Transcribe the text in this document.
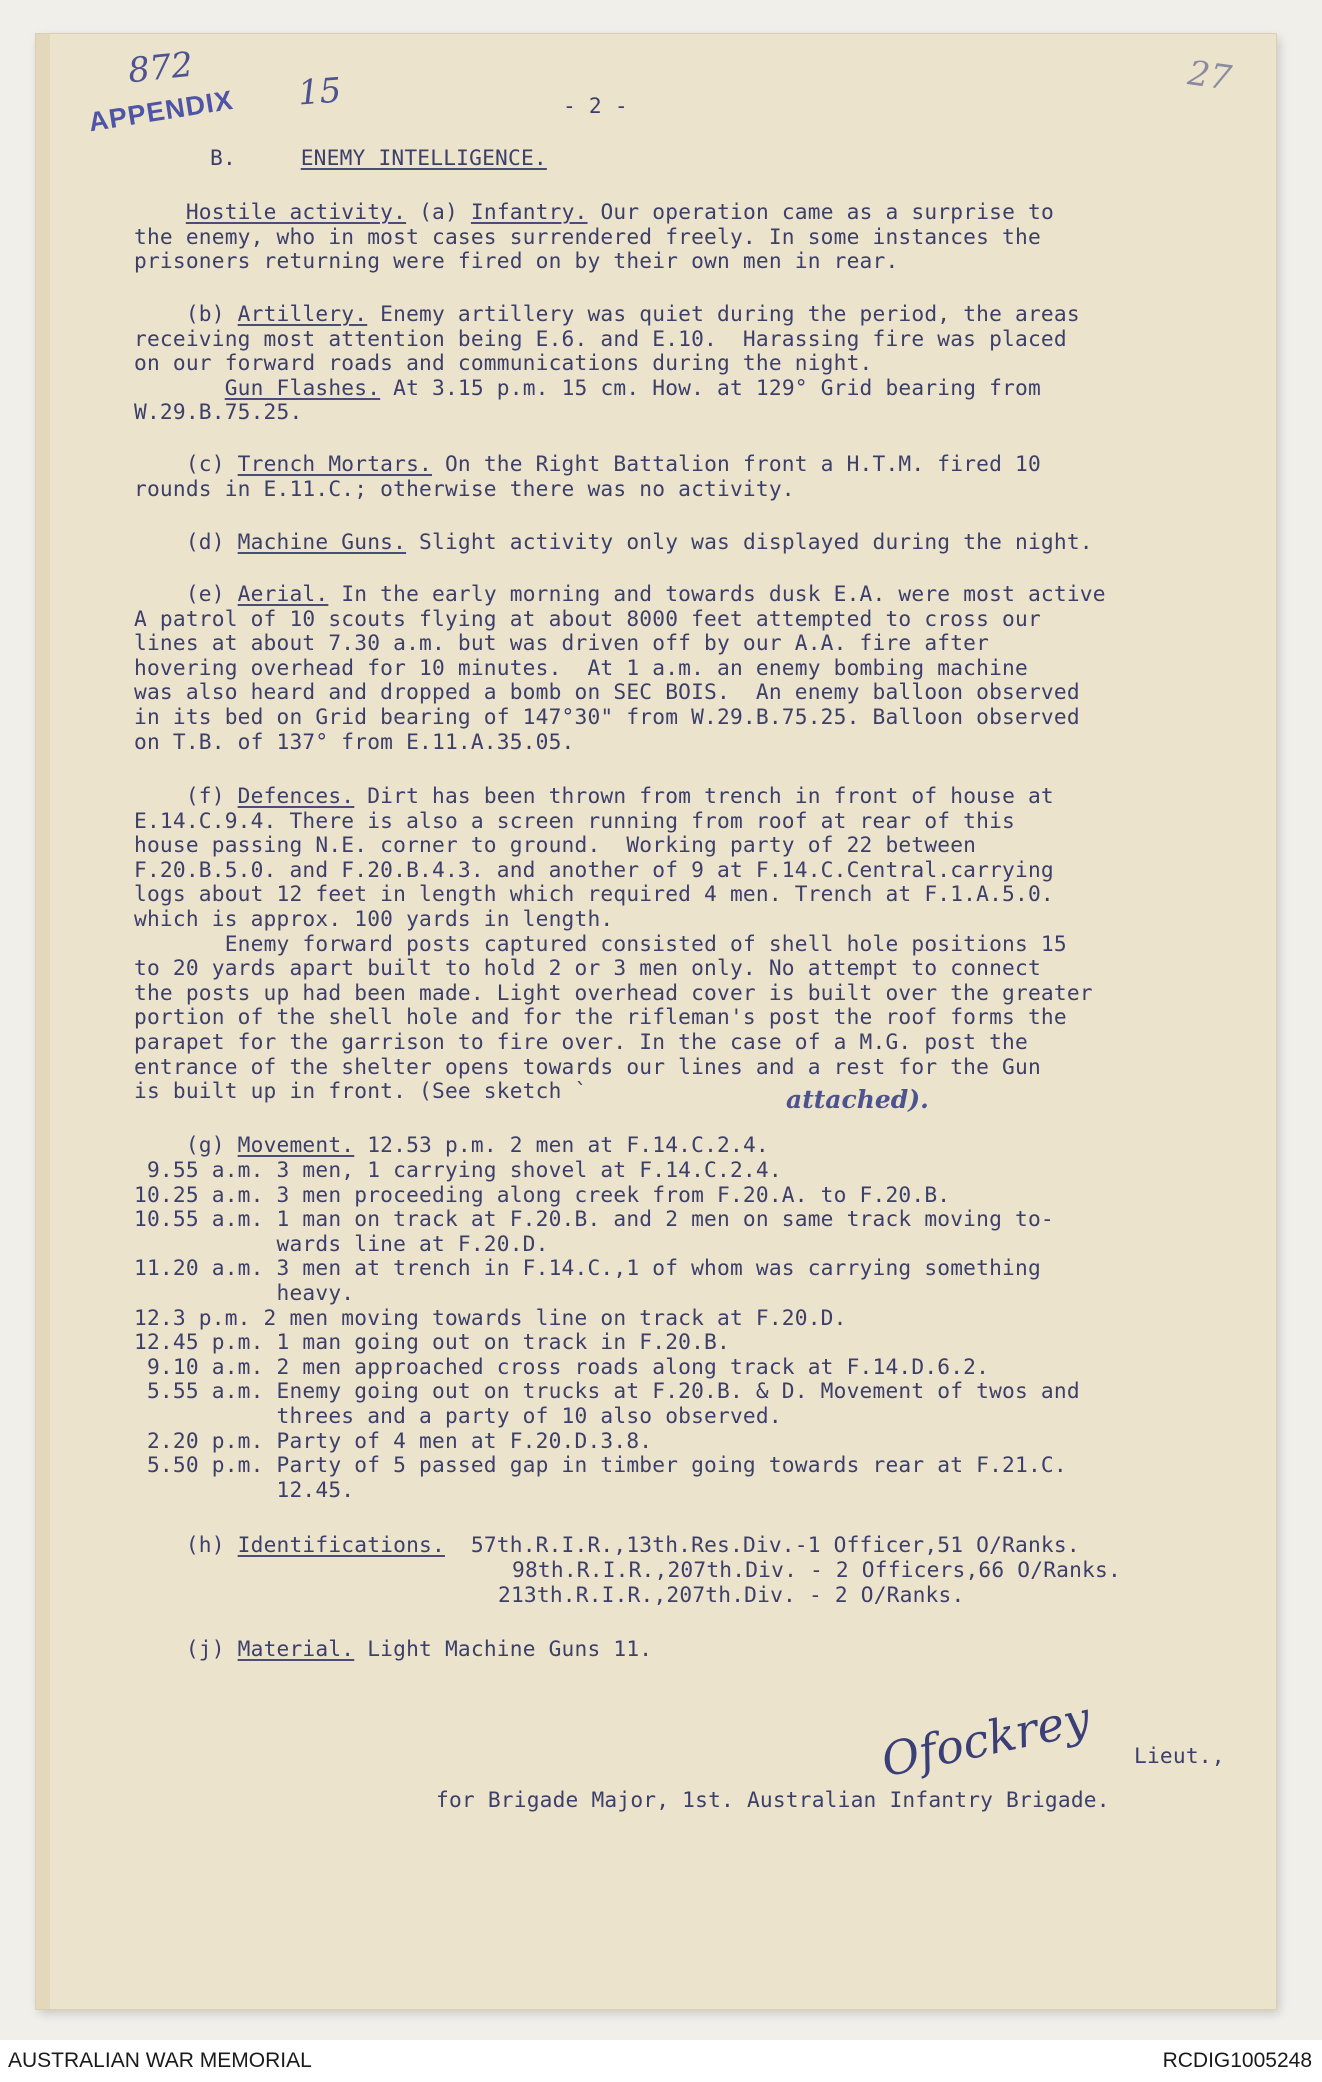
872
APPENDIX 15	27
- 2 -
B.	ENEMY INTELLIGENCE.
Hostile activity. (a) Infantry. Our operation came as a surprise to
the enemy, who in most cases surrendered freely. In some instances the
prisoners returning were fired on by their own men in rear.
(b) Artillery. Enemy artillery was quiet during the period, the areas
receiving most attention being E.6. and E.10.  Harassing fire was placed
on our forward roads and communications during the night.
Gun Flashes. At 3.15 p.m. 15 cm. How. at 129° Grid bearing from
W.29.B.75.25.
(c) Trench Mortars. On the Right Battalion front a H.T.M. fired 10
rounds in E.11.C.; otherwise there was no activity.
(d) Machine Guns. Slight activity only was displayed during the night.
(e) Aerial. In the early morning and towards dusk E.A. were most active
A patrol of 10 scouts flying at about 8000 feet attempted to cross our
lines at about 7.30 a.m. but was driven off by our A.A. fire after
hovering overhead for 10 minutes.  At 1 a.m. an enemy bombing machine
was also heard and dropped a bomb on SEC BOIS.  An enemy balloon observed
in its bed on Grid bearing of 147°30" from W.29.B.75.25. Balloon observed
on T.B. of 137° from E.11.A.35.05.
(f) Defences. Dirt has been thrown from trench in front of house at
E.14.C.9.4. There is also a screen running from roof at rear of this
house passing N.E. corner to ground.  Working party of 22 between
F.20.B.5.0. and F.20.B.4.3. and another of 9 at F.14.C.Central.carrying
logs about 12 feet in length which required 4 men. Trench at F.1.A.5.0.
which is approx. 100 yards in length.
Enemy forward posts captured consisted of shell hole positions 15
to 20 yards apart built to hold 2 or 3 men only. No attempt to connect
the posts up had been made. Light overhead cover is built over the greater
portion of the shell hole and for the rifleman's post the roof forms the
parapet for the garrison to fire over. In the case of a M.G. post the
entrance of the shelter opens towards our lines and a rest for the Gun
is built up in front. (See sketch `	attached).
(g) Movement. 12.53 p.m. 2 men at F.14.C.2.4.
9.55 a.m. 3 men, 1 carrying shovel at F.14.C.2.4.
10.25 a.m. 3 men proceeding along creek from F.20.A. to F.20.B.
10.55 a.m. 1 man on track at F.20.B. and 2 men on same track moving to-
wards line at F.20.D.
11.20 a.m. 3 men at trench in F.14.C.,1 of whom was carrying something
heavy.
12.3 p.m. 2 men moving towards line on track at F.20.D.
12.45 p.m. 1 man going out on track in F.20.B.
9.10 a.m. 2 men approached cross roads along track at F.14.D.6.2.
5.55 a.m. Enemy going out on trucks at F.20.B. & D. Movement of twos and
threes and a party of 10 also observed.
2.20 p.m. Party of 4 men at F.20.D.3.8.
5.50 p.m. Party of 5 passed gap in timber going towards rear at F.21.C.
12.45.
(h) Identifications.  57th.R.I.R.,13th.Res.Div.-1 Officer,51 O/Ranks.
98th.R.I.R.,207th.Div. - 2 Officers,66 O/Ranks.
213th.R.I.R.,207th.Div. - 2 O/Ranks.
(j) Material. Light Machine Guns 11.
Ofockrey Lieut.,
for Brigade Major, 1st. Australian Infantry Brigade.
AUSTRALIAN WAR MEMORIAL	RCDIG1005248
